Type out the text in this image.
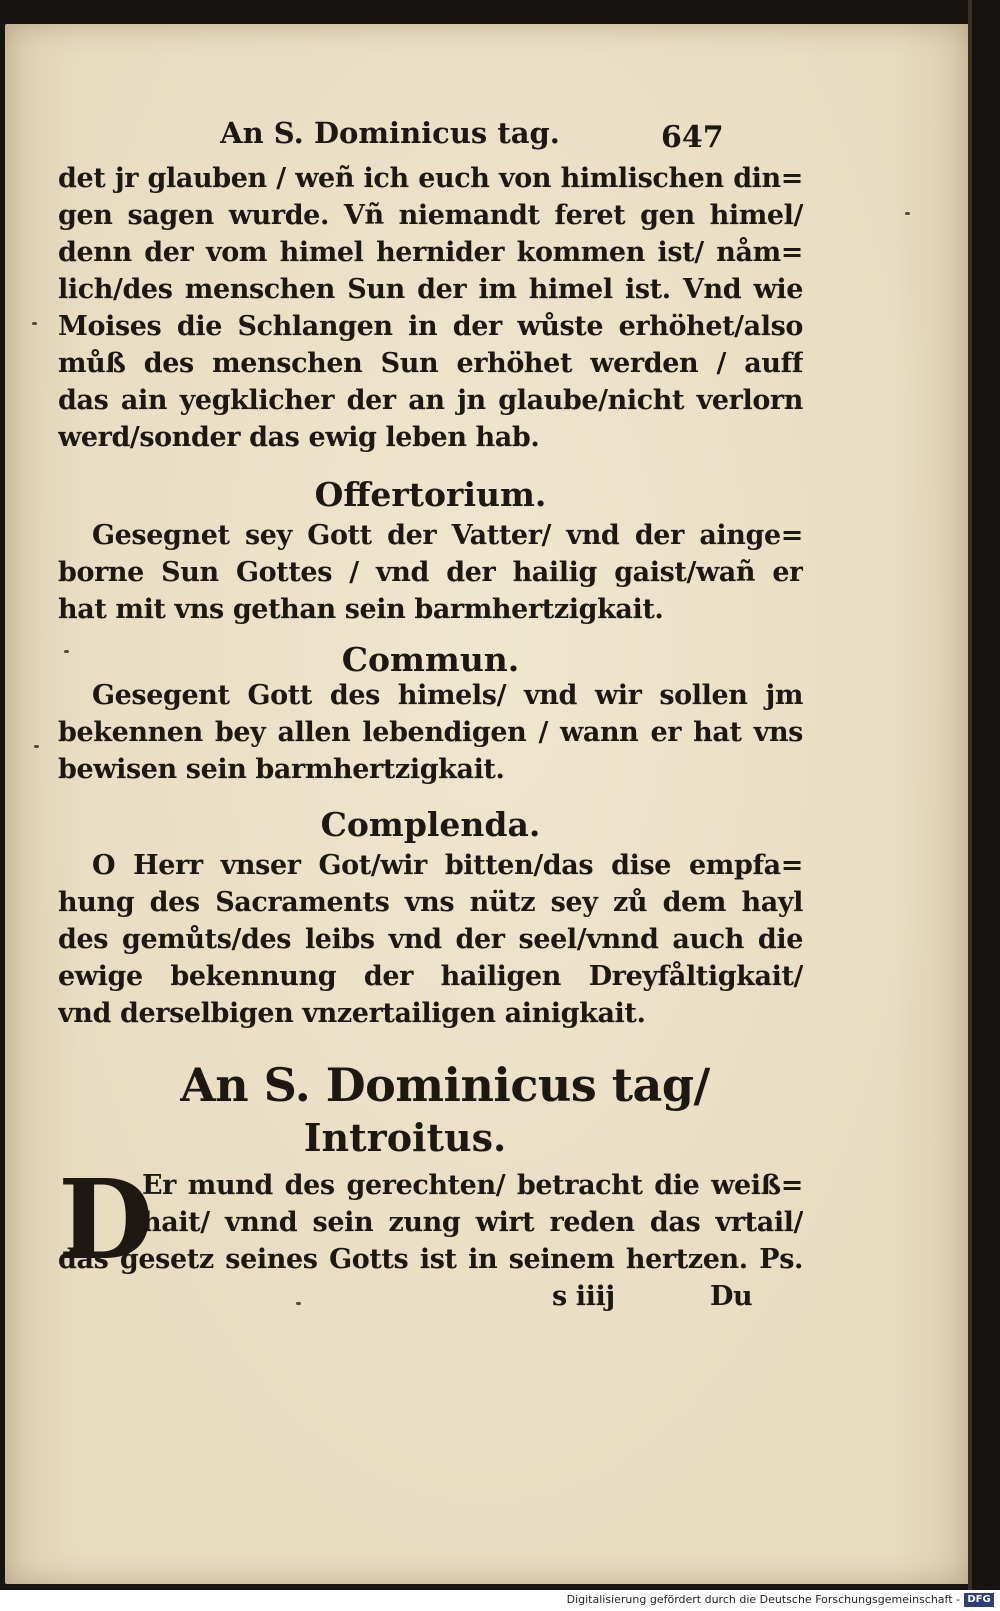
An S. Dominicus tag.	647
det jr glauben / weñ ich euch von himlischen din=
gen sagen wurde. Vñ niemandt feret gen himel/
denn der vom himel hernider kommen ist/ nåm=
lich/des menschen Sun der im himel ist. Vnd wie
Moises die Schlangen in der wůste erhöhet/also
můß des menschen Sun erhöhet werden / auff
das ain yegklicher der an jn glaube/nicht verlorn
werd/sonder das ewig leben hab.
Offertorium.
Gesegnet sey Gott der Vatter/ vnd der ainge=
borne Sun Gottes / vnd der hailig gaist/wañ er
hat mit vns gethan sein barmhertzigkait.
Commun.
Gesegent Gott des himels/ vnd wir sollen jm
bekennen bey allen lebendigen / wann er hat vns
bewisen sein barmhertzigkait.
Complenda.
O Herr vnser Got/wir bitten/das dise empfa=
hung des Sacraments vns nütz sey zů dem hayl
des gemůts/des leibs vnd der seel/vnnd auch die
ewige bekennung der hailigen Dreyfåltigkait/
vnd derselbigen vnzertailigen ainigkait.
An S. Dominicus tag/
Introitus.
D
Er mund des gerechten/ betracht die weiß=
hait/ vnnd sein zung wirt reden das vrtail/
das gesetz seines Gotts ist in seinem hertzen. Ps.
s iiij	Du
Digitalisierung gefördert durch die Deutsche Forschungsgemeinschaft - DFG
